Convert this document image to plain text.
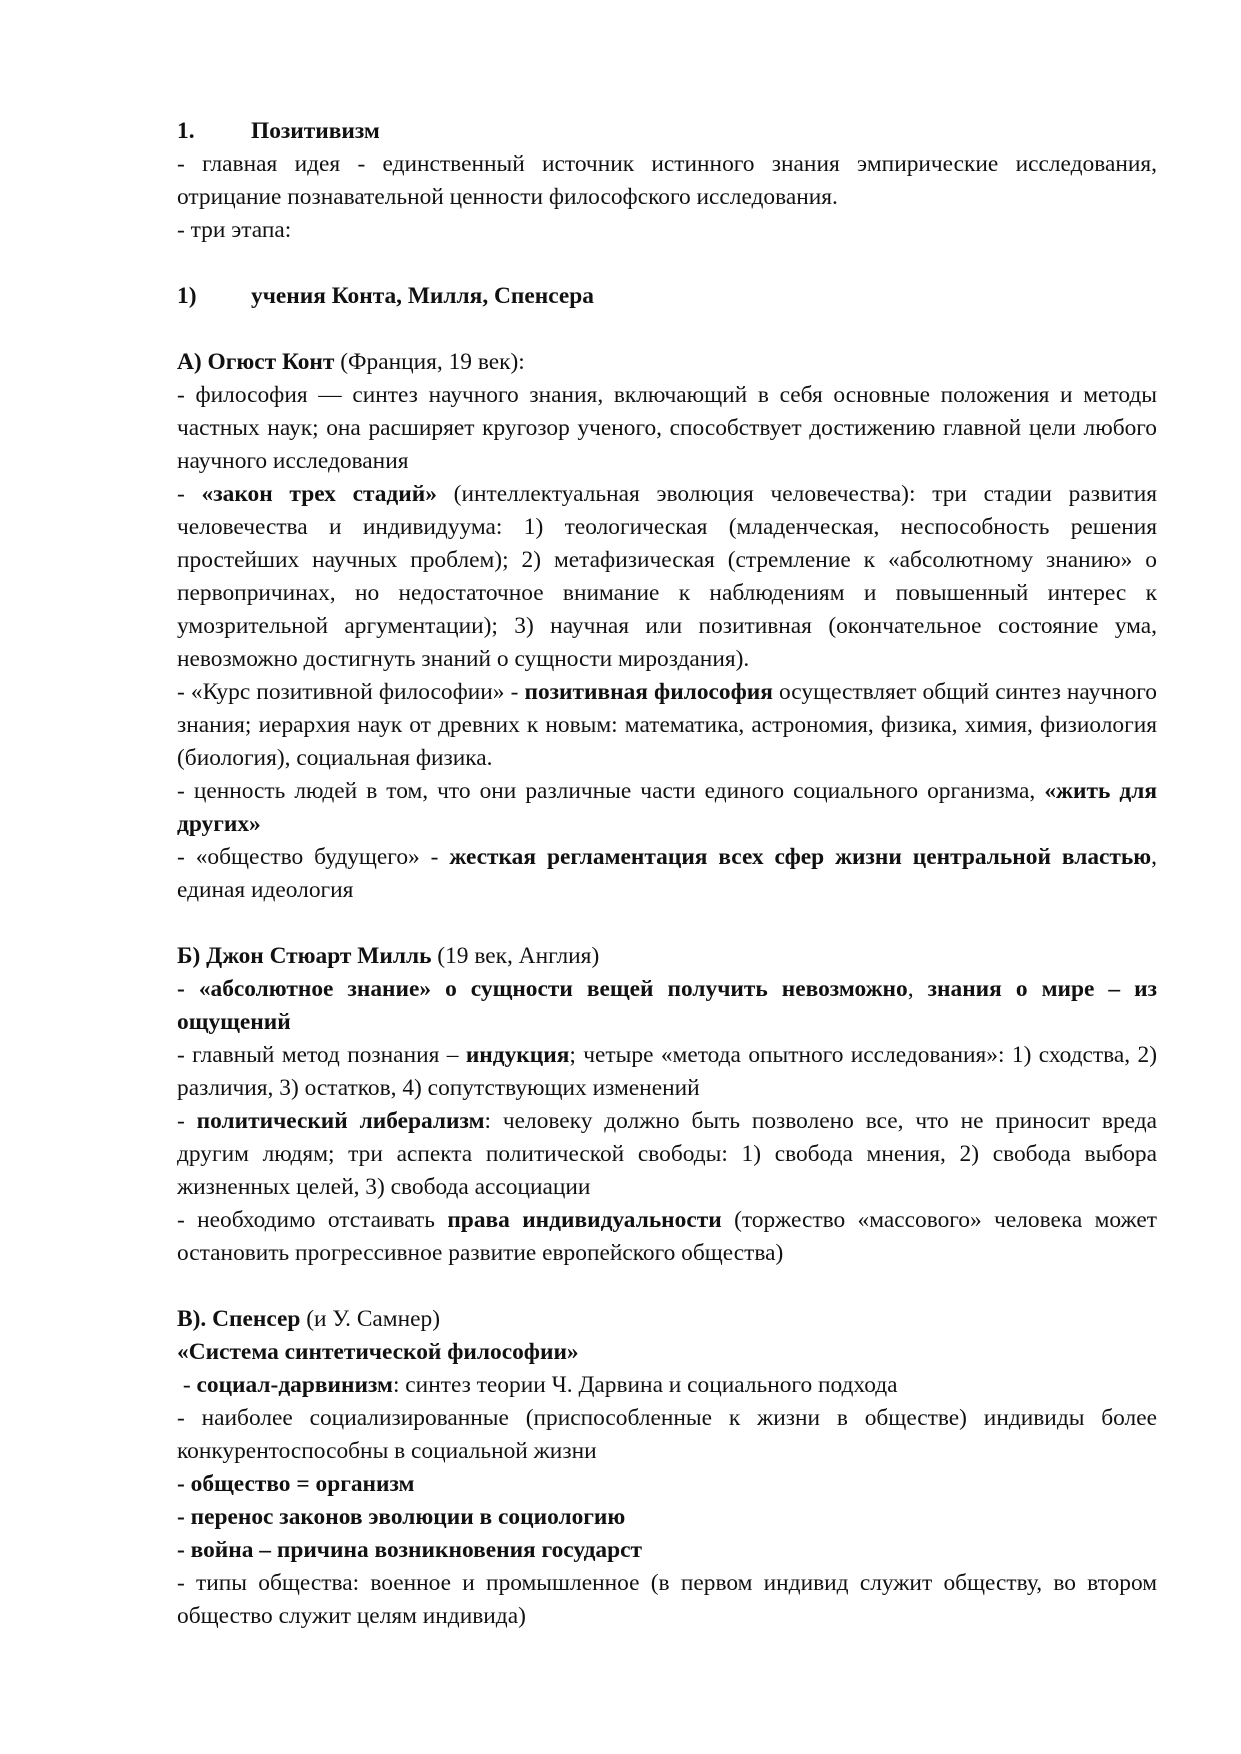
1. Позитивизм

- главная идея - единственный источник истинного знания эмпирические исследования, отрицание познавательной ценности философского исследования.

- три этапа:

1) учения Конта, Милля, Спенсера

А) Огюст Конт (Франция, 19 век):

- философия — синтез научного знания, включающий в себя основные положения и методы частных наук; она расширяет кругозор ученого, способствует достижению главной цели любого научного исследования

- «закон трех стадий» (интеллектуальная эволюция человечества): три стадии развития человечества и индивидуума: 1) теологическая (младенческая, неспособность решения простейших научных проблем); 2) метафизическая (стремление к «абсолютному знанию» о первопричинах, но недостаточное внимание к наблюдениям и повышенный интерес к умозрительной аргументации); 3) научная или позитивная (окончательное состояние ума, невозможно достигнуть знаний о сущности мироздания).

- «Курс позитивной философии» - позитивная философия осуществляет общий синтез научного знания; иерархия наук от древних к новым: математика, астрономия, физика, химия, физиология (биология), социальная физика.

- ценность людей в том, что они различные части единого социального организма, «жить для других»

- «общество будущего» - жесткая регламентация всех сфер жизни центральной властью, единая идеология

Б) Джон Стюарт Милль (19 век, Англия)

- «абсолютное знание» о сущности вещей получить невозможно, знания о мире – из ощущений

- главный метод познания – индукция; четыре «метода опытного исследования»: 1) сходства, 2) различия, 3) остатков, 4) сопутствующих изменений

- политический либерализм: человеку должно быть позволено все, что не приносит вреда другим людям; три аспекта политической свободы: 1) свобода мнения, 2) свобода выбора жизненных целей, 3) свобода ассоциации

- необходимо отстаивать права индивидуальности (торжество «массового» человека может остановить прогрессивное развитие европейского общества)

В). Спенсер (и У. Самнер)

«Система синтетической философии»

- социал-дарвинизм: синтез теории Ч. Дарвина и социального подхода

- наиболее социализированные (приспособленные к жизни в обществе) индивиды более конкурентоспособны в социальной жизни

- общество = организм

- перенос законов эволюции в социологию

- война – причина возникновения государст

- типы общества: военное и промышленное (в первом индивид служит обществу, во втором общество служит целям индивида)
